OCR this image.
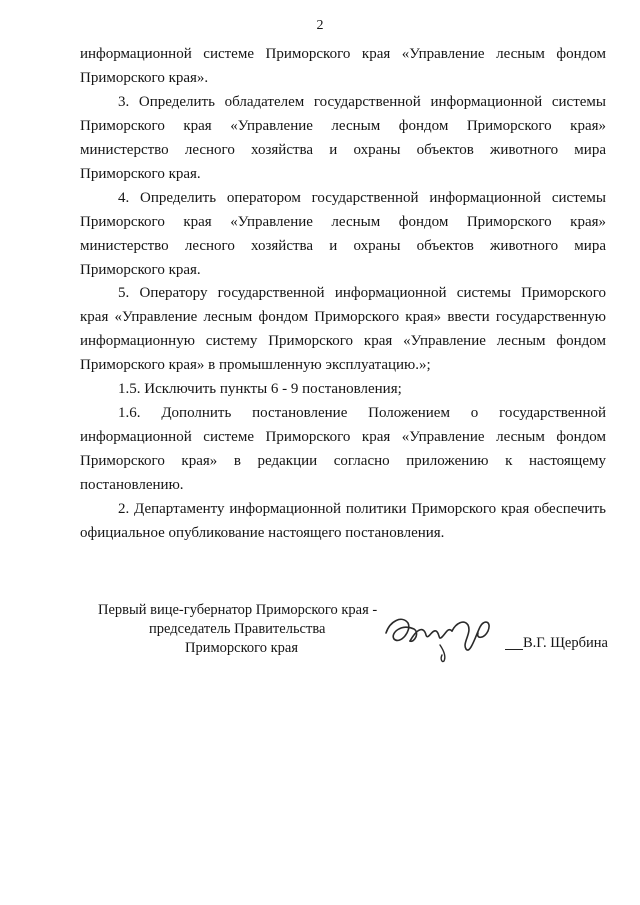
2
информационной системе Приморского края «Управление лесным фондом
Приморского края».
3. Определить обладателем государственной информационной системы
Приморского края «Управление лесным фондом Приморского края»
министерство лесного хозяйства и охраны объектов животного мира
Приморского края.
4. Определить оператором государственной информационной системы
Приморского края «Управление лесным фондом Приморского края»
министерство лесного хозяйства и охраны объектов животного мира
Приморского края.
5. Оператору государственной информационной системы Приморского
края «Управление лесным фондом Приморского края» ввести государственную
информационную систему Приморского края «Управление лесным фондом
Приморского края» в промышленную эксплуатацию.»;
1.5. Исключить пункты 6 - 9 постановления;
1.6. Дополнить постановление Положением о государственной
информационной системе Приморского края «Управление лесным фондом
Приморского края» в редакции согласно приложению к настоящему
постановлению.
2. Департаменту информационной политики Приморского края обеспечить
официальное опубликование настоящего постановления.
Первый вице-губернатор Приморского края -
председатель Правительства
Приморского края	В.Г. Щербина
